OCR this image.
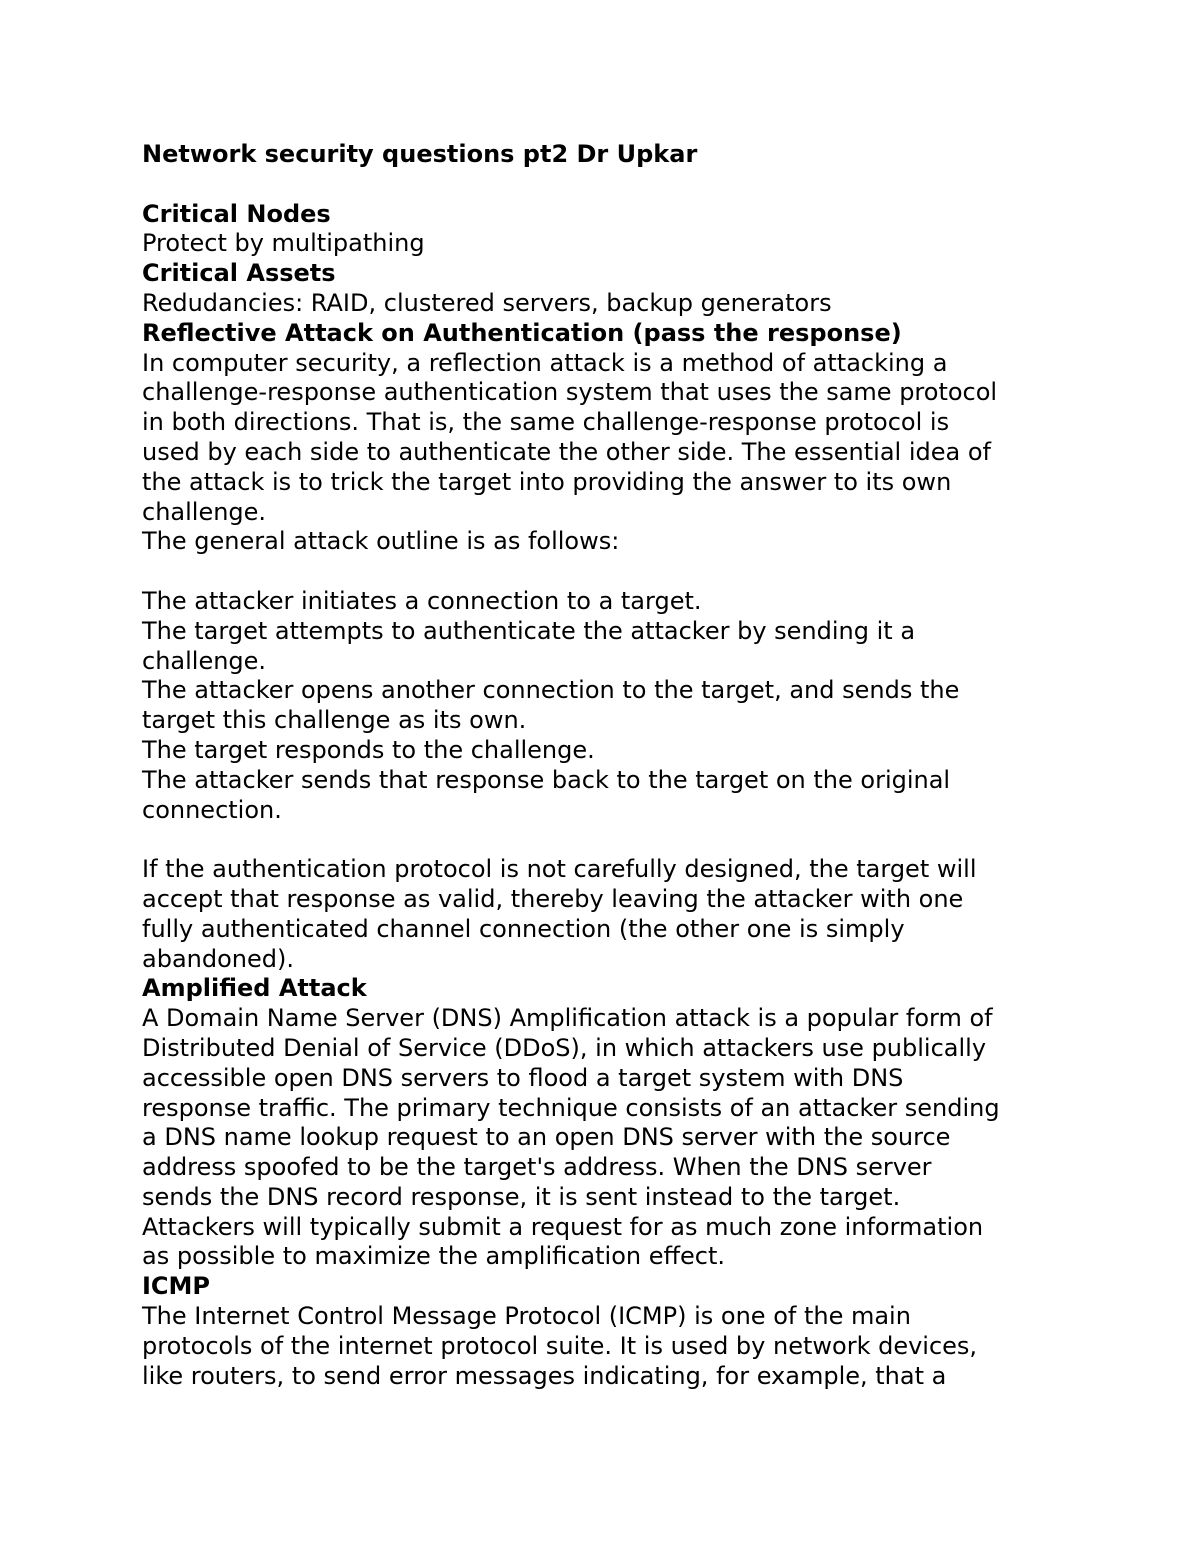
Network security questions pt2 Dr Upkar
Critical Nodes
Protect by multipathing
Critical Assets
Redudancies: RAID, clustered servers, backup generators
Reflective Attack on Authentication (pass the response)
In computer security, a reflection attack is a method of attacking a
challenge-response authentication system that uses the same protocol
in both directions. That is, the same challenge-response protocol is
used by each side to authenticate the other side. The essential idea of
the attack is to trick the target into providing the answer to its own
challenge.
The general attack outline is as follows:
The attacker initiates a connection to a target.
The target attempts to authenticate the attacker by sending it a
challenge.
The attacker opens another connection to the target, and sends the
target this challenge as its own.
The target responds to the challenge.
The attacker sends that response back to the target on the original
connection.
If the authentication protocol is not carefully designed, the target will
accept that response as valid, thereby leaving the attacker with one
fully authenticated channel connection (the other one is simply
abandoned).
Amplified Attack
A Domain Name Server (DNS) Amplification attack is a popular form of
Distributed Denial of Service (DDoS), in which attackers use publically
accessible open DNS servers to flood a target system with DNS
response traffic. The primary technique consists of an attacker sending
a DNS name lookup request to an open DNS server with the source
address spoofed to be the target's address. When the DNS server
sends the DNS record response, it is sent instead to the target.
Attackers will typically submit a request for as much zone information
as possible to maximize the amplification effect.
ICMP
The Internet Control Message Protocol (ICMP) is one of the main
protocols of the internet protocol suite. It is used by network devices,
like routers, to send error messages indicating, for example, that a
